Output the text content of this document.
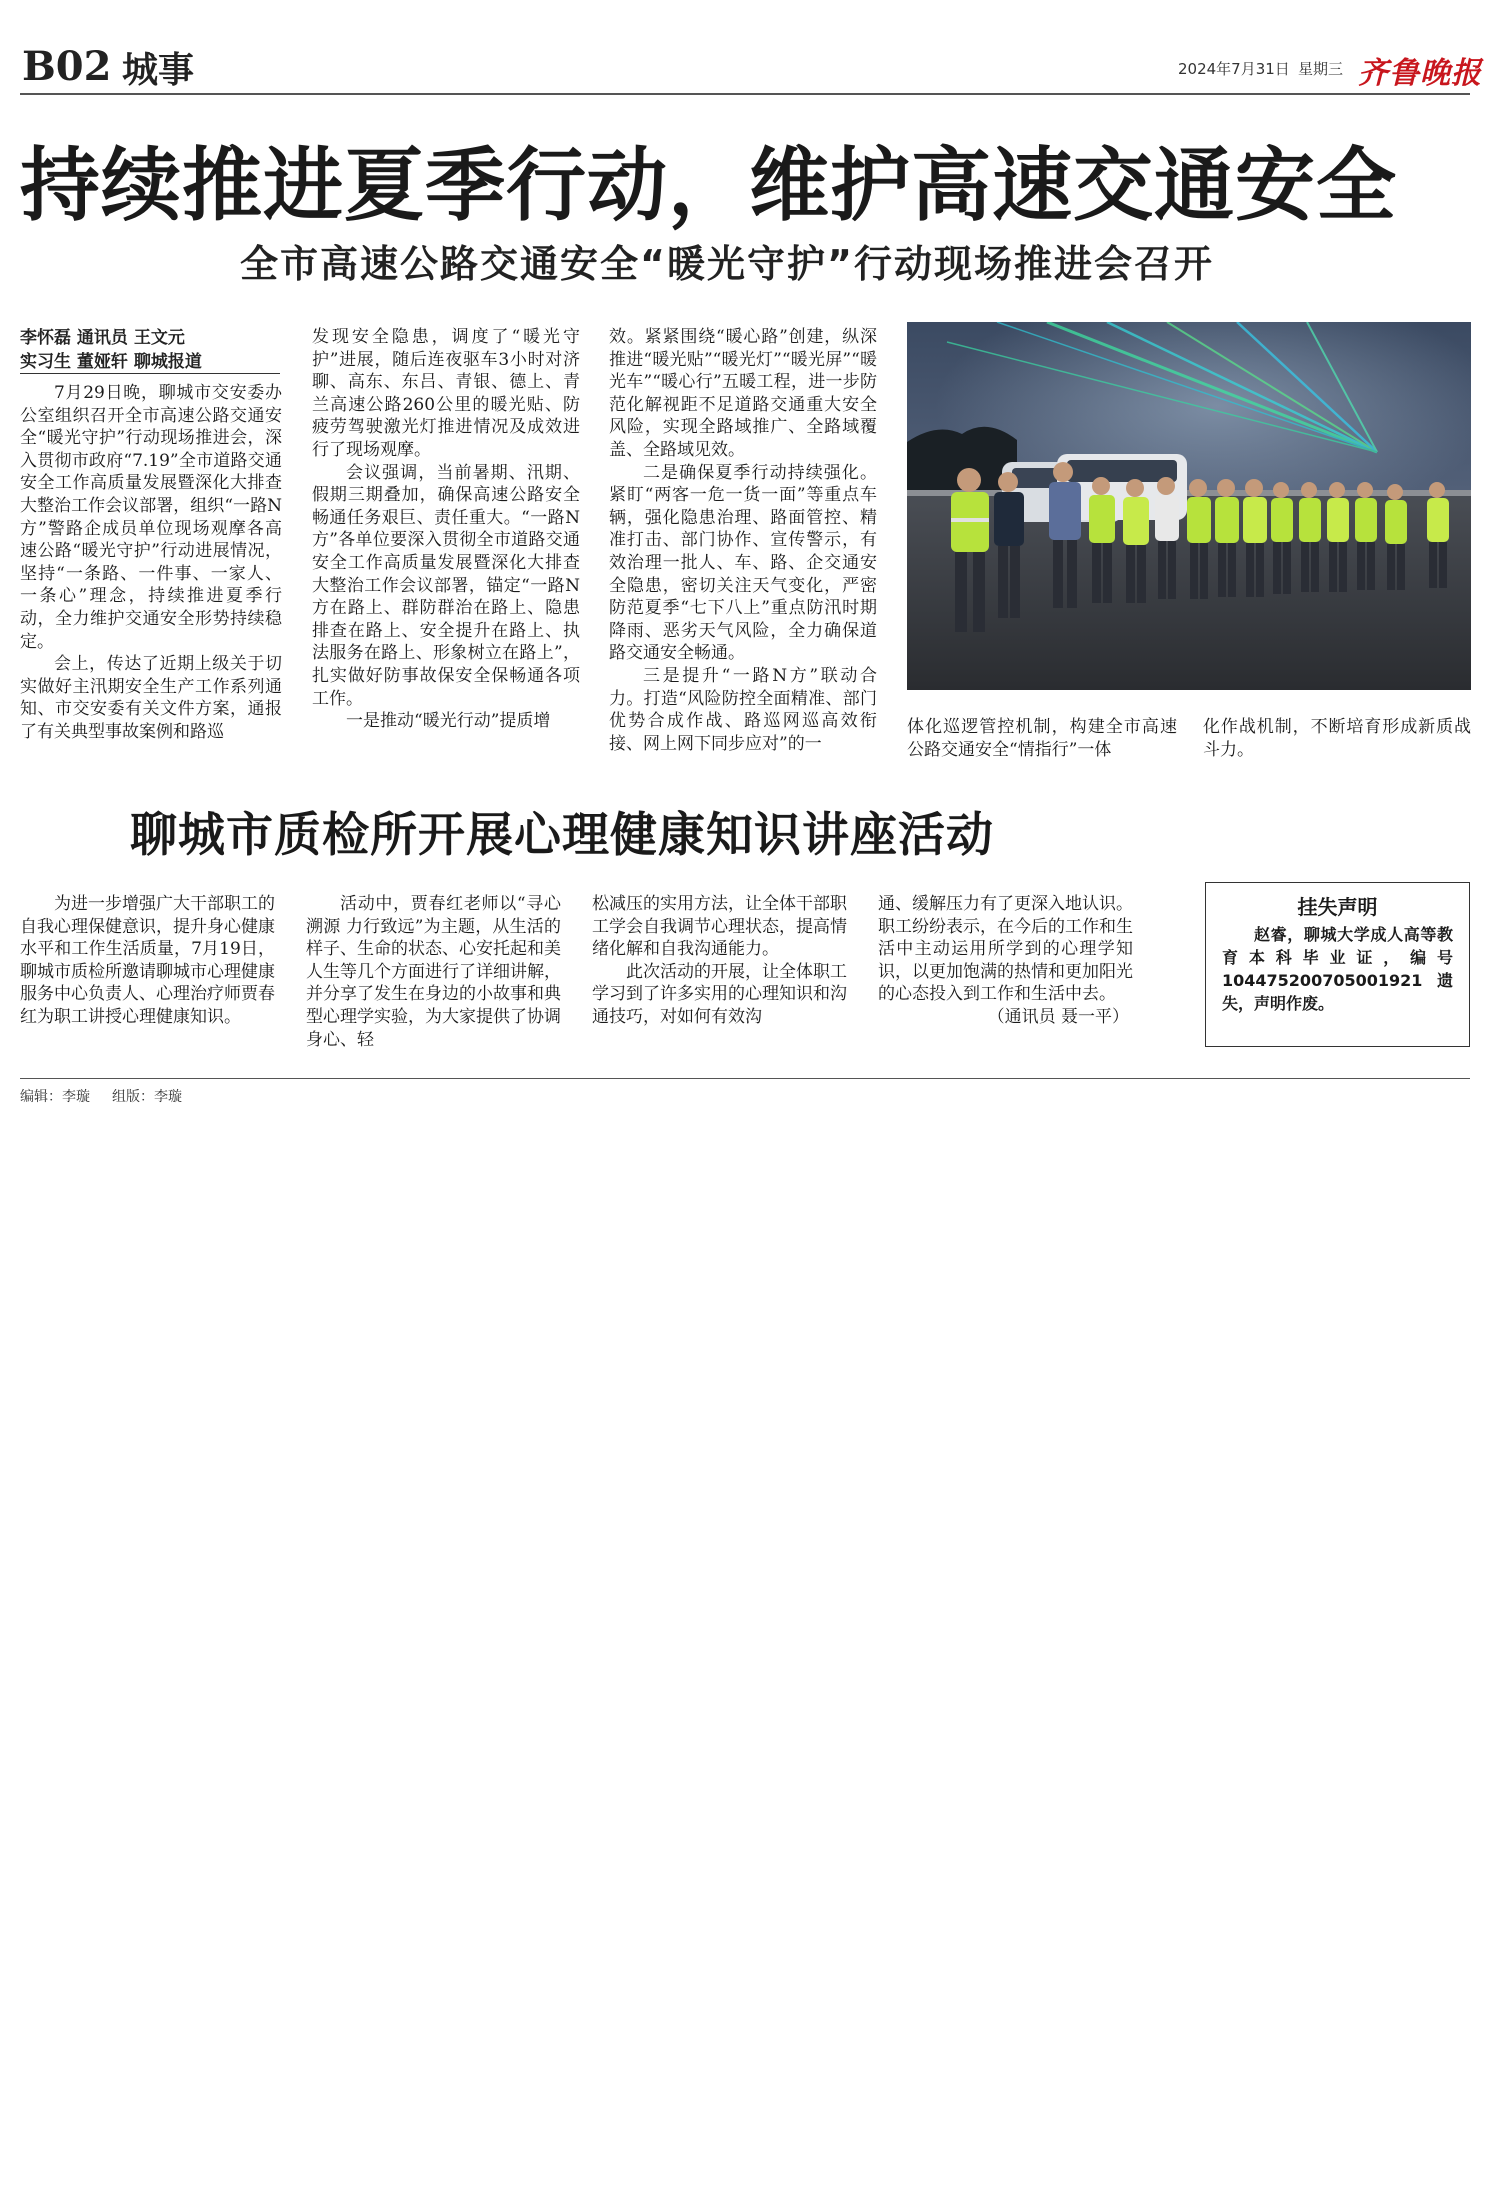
B02 城事	2024年7月31日 星期三 齐鲁晚报
持续推进夏季行动，维护高速交通安全
全市高速公路交通安全“暖光守护”行动现场推进会召开
李怀磊 通讯员 王文元
实习生 董娅轩 聊城报道

7月29日晚，聊城市交安委办公室组织召开全市高速公路交通安全“暖光守护”行动现场推进会，深入贯彻市政府“7.19”全市道路交通安全工作高质量发展暨深化大排查大整治工作会议部署，组织“一路N方”警路企成员单位现场观摩各高速公路“暖光守护”行动进展情况，坚持“一条路、一件事、一家人、一条心”理念，持续推进夏季行动，全力维护交通安全形势持续稳定。

会上，传达了近期上级关于切实做好主汛期安全生产工作系列通知、市交安委有关文件方案，通报了有关典型事故案例和路巡

发现安全隐患，调度了“暖光守护”进展，随后连夜驱车3小时对济聊、高东、东吕、青银、德上、青兰高速公路260公里的暖光贴、防疲劳驾驶激光灯推进情况及成效进行了现场观摩。

会议强调，当前暑期、汛期、假期三期叠加，确保高速公路安全畅通任务艰巨、责任重大。“一路N方”各单位要深入贯彻全市道路交通安全工作高质量发展暨深化大排查大整治工作会议部署，锚定“一路N方在路上、群防群治在路上、隐患排查在路上、安全提升在路上、执法服务在路上、形象树立在路上”，扎实做好防事故保安全保畅通各项工作。

一是推动“暖光行动”提质增

效。紧紧围绕“暖心路”创建，纵深推进“暖光贴”“暖光灯”“暖光屏”“暖光车”“暖心行”五暖工程，进一步防范化解视距不足道路交通重大安全风险，实现全路域推广、全路域覆盖、全路域见效。

二是确保夏季行动持续强化。紧盯“两客一危一货一面”等重点车辆，强化隐患治理、路面管控、精准打击、部门协作、宣传警示，有效治理一批人、车、路、企交通安全隐患，密切关注天气变化，严密防范夏季“七下八上”重点防汛时期降雨、恶劣天气风险，全力确保道路交通安全畅通。

三是提升“一路N方”联动合力。打造“风险防控全面精准、部门优势合成作战、路巡网巡高效衔接、网上网下同步应对”的一

体化巡逻管控机制，构建全市高速公路交通安全“情指行”一体

化作战机制，不断培育形成新质战斗力。

聊城市质检所开展心理健康知识讲座活动

为进一步增强广大干部职工的自我心理保健意识，提升身心健康水平和工作生活质量，7月19日，聊城市质检所邀请聊城市心理健康服务中心负责人、心理治疗师贾春红为职工讲授心理健康知识。

活动中，贾春红老师以“寻心溯源 力行致远”为主题，从生活的样子、生命的状态、心安托起和美人生等几个方面进行了详细讲解，并分享了发生在身边的小故事和典型心理学实验，为大家提供了协调身心、轻

松减压的实用方法，让全体干部职工学会自我调节心理状态，提高情绪化解和自我沟通能力。

此次活动的开展，让全体职工学习到了许多实用的心理知识和沟通技巧，对如何有效沟

通、缓解压力有了更深入地认识。职工纷纷表示，在今后的工作和生活中主动运用所学到的心理学知识，以更加饱满的热情和更加阳光的心态投入到工作和生活中去。

（通讯员 聂一平）

挂失声明
赵睿，聊城大学成人高等教育本科毕业证，编号104475200705001921遗失，声明作废。
编辑：李璇 组版：李璇
